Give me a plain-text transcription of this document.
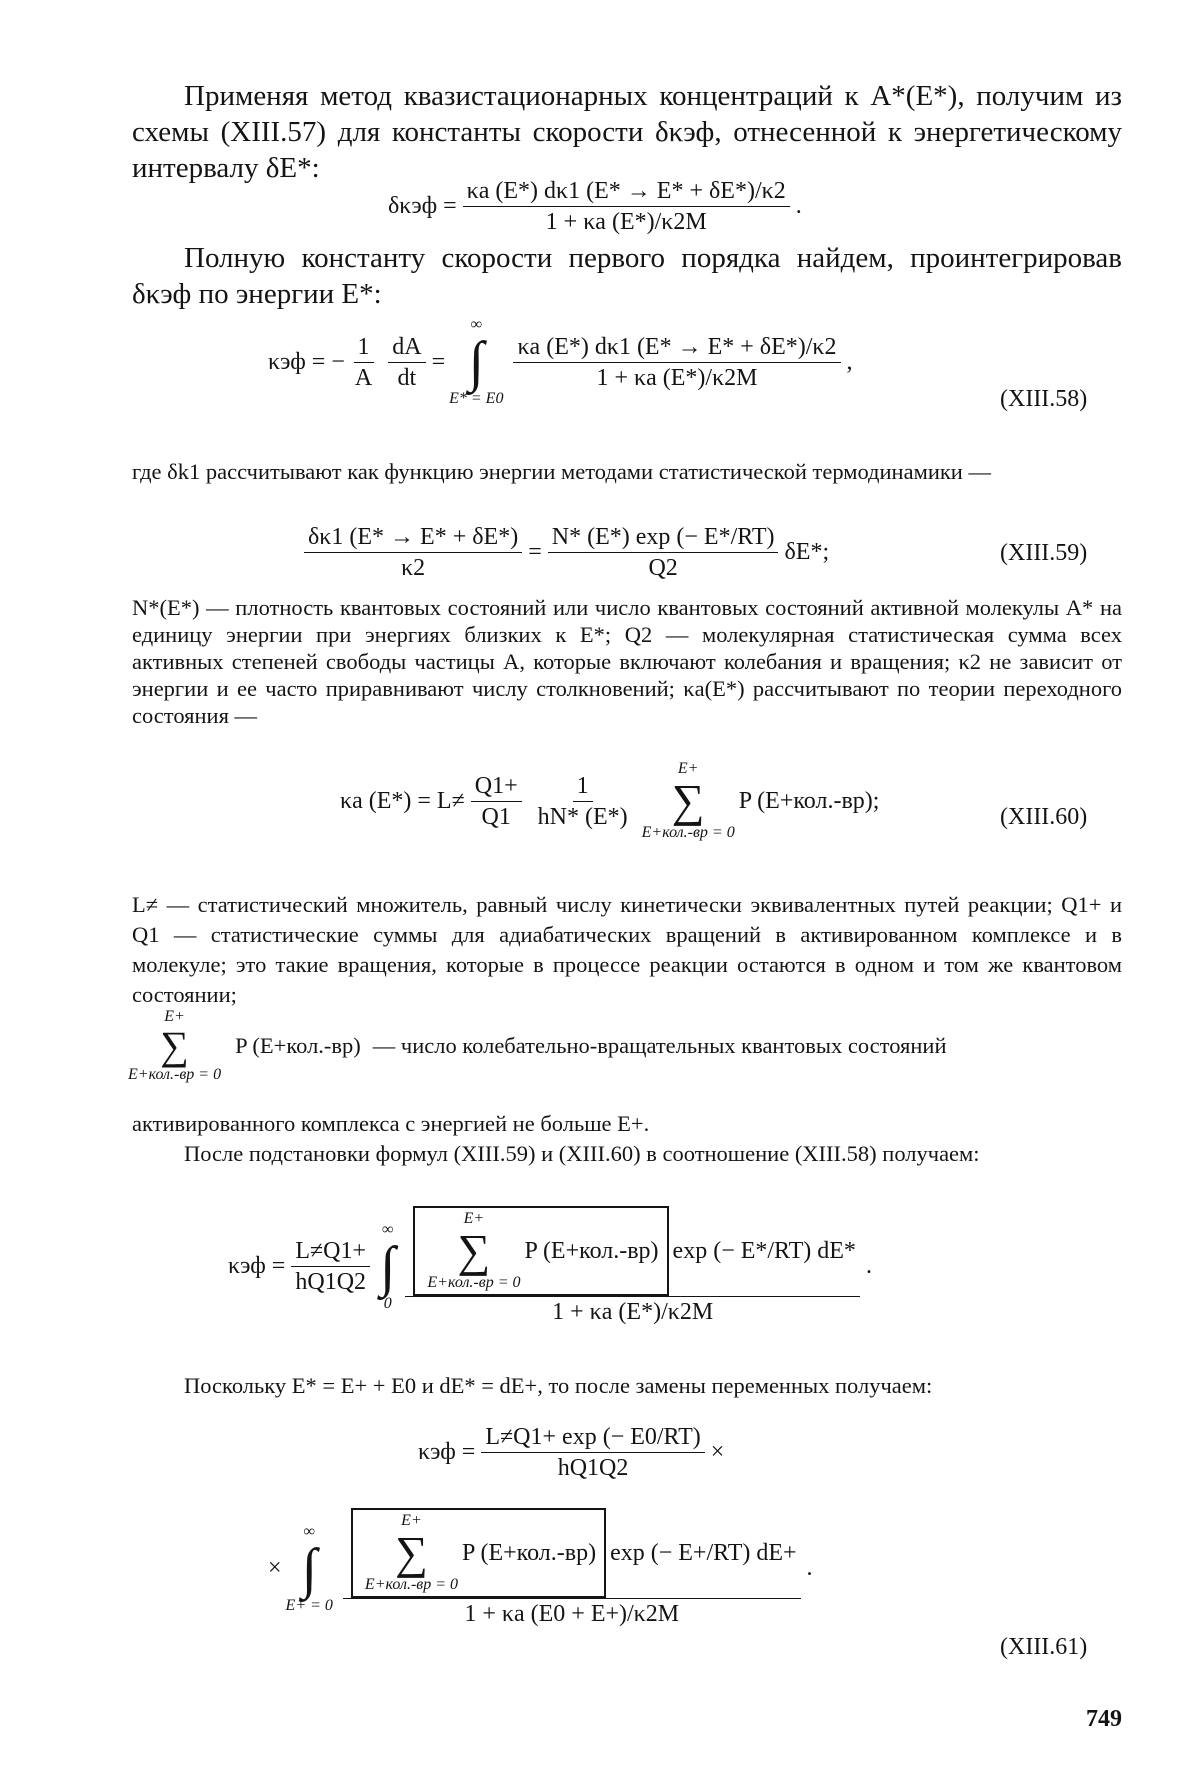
Применяя метод квазистационарных концентраций к A*(E*), получим из схемы (XIII.57) для константы скорости δκэф, отнесенной к энергетическому интервалу δE*:
$\delta\kappa эф = \frac{\kappa a (E*) d\kappa 1 (E* \to E* + \delta E*)/\kappa 2}{1 + \kappa a (E*)/\kappa 2M}$ .
Полную константу скорости первого порядка найдем, проинтегрировав δκэф по энергии E*:
κэф = − $\frac{1}{A} \frac{dA}{dt}$ =
∞
∫
E* = E0
$\frac{\kappa a (E*) d\kappa 1 (E* \to E* + \delta E*)/\kappa 2}{1 + \kappa a (E*)/\kappa 2M}$ ,
(XIII.58)
где δk1 рассчитывают как функцию энергии методами статистической термодинамики —
$\frac{\delta\kappa 1 (E* \to E* + \delta E*)}{\kappa 2} = \frac{N* (E*) \exp (- E*/RT)}{Q2} \delta E*$;	(XIII.59)
N*(E*) — плотность квантовых состояний или число квантовых состояний активной молекулы A* на единицу энергии при энергиях близких к E*; Q2 — молекулярная статистическая сумма всех активных степеней свободы частицы A, которые включают колебания и вращения; κ2 не зависит от энергии и ее часто приравнивают числу столкновений; κa(E*) рассчитывают по теории переходного состояния —
κa $(E*) = L\ne \frac{Q1+}{Q1} \frac{1}{hN* (E*)}$
E+
∑
E+кол.-вр = 0
P (E+кол.-вр);
(XIII.60)
L≠ — статистический множитель, равный числу кинетически эквивалентных путей реакции; Q1+ и Q1 — статистические суммы для адиабатических вращений в активированном комплексе и в молекуле; это такие вращения, которые в процессе реакции остаются в одном и том же квантовом состоянии;
E+
∑
E+кол.-вр = 0
P (E+кол.-вр) — число колебательно-вращательных квантовых состояний
активированного комплекса с энергией не больше E+.
После подстановки формул (XIII.59) и (XIII.60) в соотношение (XIII.58) получаем:
$\kappa эф = \frac{L\ne Q1+}{hQ1Q2}$
∞
∫
0
E+
∑
E+кол.-вр = 0
P (E+кол.-вр) exp (− E*/RT) dE*
1 + κa (E*)/κ2M
.
Поскольку E* = E+ + E0 и dE* = dE+, то после замены переменных получаем:
$\kappa эф = \frac{L\ne Q1+ \exp (- E0/RT)}{hQ1Q2}$ ×
×
∞
∫
E+ = 0
E+
∑
E+кол.-вр = 0
P (E+кол.-вр) exp (− E+/RT) dE+
1 + κa (E0 + E+)/κ2M
.
(XIII.61)
749
